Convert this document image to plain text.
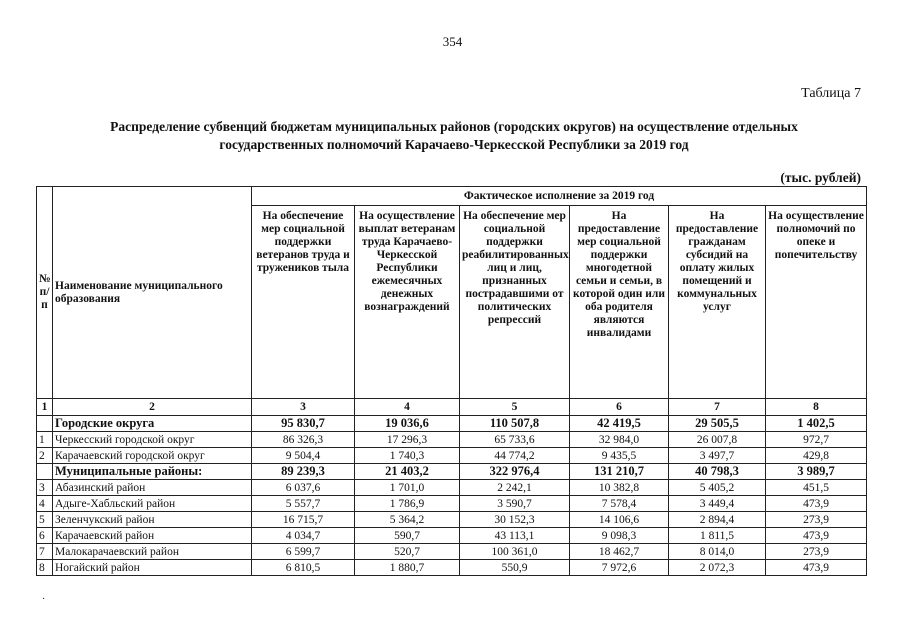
354
Таблица 7
Распределение субвенций бюджетам муниципальных районов (городских округов) на осуществление отдельных
государственных полномочий Карачаево-Черкесской Республики за 2019 год
(тыс. рублей)
№ п/ п	Наименование муниципального образования	Фактическое исполнение за 2019 год					
		На обеспечение мер социальной поддержки ветеранов труда и тружеников тыла	На осуществление выплат ветеранам труда Карачаево-Черкесской Республики ежемесячных денежных вознаграждений	На обеспечение мер социальной поддержки реабилитированных лиц и лиц, признанных пострадавшими от политических репрессий	На предоставление мер социальной поддержки многодетной семьи и семьи, в которой один или оба родителя являются инвалидами	На предоставление гражданам субсидий на оплату жилых помещений и коммунальных услуг	На осуществление полномочий по опеке и попечительству
1	2	3	4	5	6	7	8
	Городские округа	95 830,7	19 036,6	110 507,8	42 419,5	29 505,5	1 402,5
1	Черкесский городской округ	86 326,3	17 296,3	65 733,6	32 984,0	26 007,8	972,7
2	Карачаевский городской округ	9 504,4	1 740,3	44 774,2	9 435,5	3 497,7	429,8
	Муниципальные районы:	89 239,3	21 403,2	322 976,4	131 210,7	40 798,3	3 989,7
3	Абазинский район	6 037,6	1 701,0	2 242,1	10 382,8	5 405,2	451,5
4	Адыге-Хабльский район	5 557,7	1 786,9	3 590,7	7 578,4	3 449,4	473,9
5	Зеленчукский район	16 715,7	5 364,2	30 152,3	14 106,6	2 894,4	273,9
6	Карачаевский район	4 034,7	590,7	43 113,1	9 098,3	1 811,5	473,9
7	Малокарачаевский район	6 599,7	520,7	100 361,0	18 462,7	8 014,0	273,9
8	Ногайский район	6 810,5	1 880,7	550,9	7 972,6	2 072,3	473,9
·
